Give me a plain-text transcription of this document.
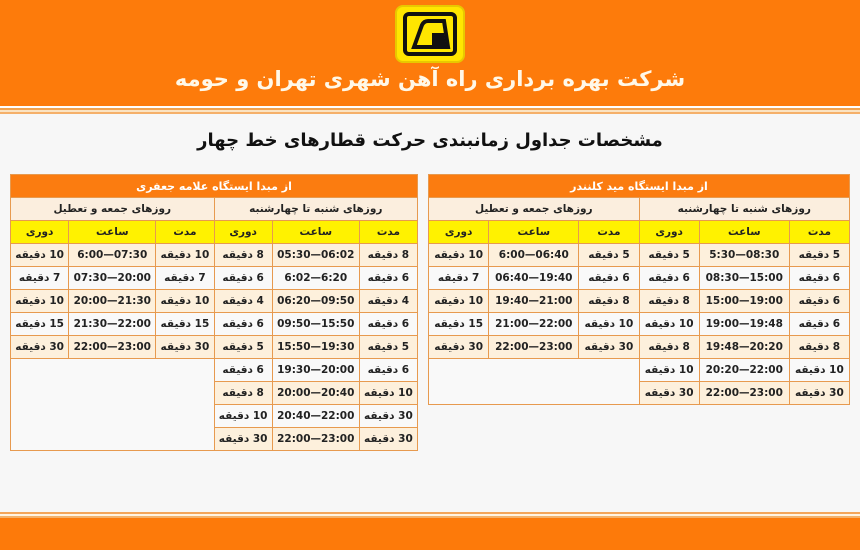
شرکت بهره برداری راه آهن شهری تهران و حومه
مشخصات جداول زمانبندی حرکت قطارهای خط چهار
از مبدا ایستگاه مید کلنندر					
روزهای شنبه تا چهارشنبه			روزهای جمعه و تعطیل		
مدت	ساعت	دوری	مدت	ساعت	دوری
5 دقیقه	5:30—08:30	5 دقیقه	5 دقیقه	6:00—06:40	10 دقیقه
6 دقیقه	08:30—15:00	6 دقیقه	6 دقیقه	06:40—19:40	7 دقیقه
6 دقیقه	15:00—19:00	8 دقیقه	8 دقیقه	19:40—21:00	10 دقیقه
6 دقیقه	19:00—19:48	10 دقیقه	10 دقیقه	21:00—22:00	15 دقیقه
8 دقیقه	19:48—20:20	8 دقیقه	30 دقیقه	22:00—23:00	30 دقیقه
10 دقیقه	20:20—22:00	10 دقیقه			
30 دقیقه	22:00—23:00	30 دقیقه			
از مبدا ایستگاه علامه جعفری					
روزهای شنبه تا چهارشنبه			روزهای جمعه و تعطیل		
مدت	ساعت	دوری	مدت	ساعت	دوری
8 دقیقه	05:30—06:02	8 دقیقه	10 دقیقه	6:00—07:30	10 دقیقه
6 دقیقه	6:02—6:20	6 دقیقه	7 دقیقه	07:30—20:00	7 دقیقه
4 دقیقه	06:20—09:50	4 دقیقه	10 دقیقه	20:00—21:30	10 دقیقه
6 دقیقه	09:50—15:50	6 دقیقه	15 دقیقه	21:30—22:00	15 دقیقه
5 دقیقه	15:50—19:30	5 دقیقه	30 دقیقه	22:00—23:00	30 دقیقه
6 دقیقه	19:30—20:00	6 دقیقه			
10 دقیقه	20:00—20:40	8 دقیقه			
30 دقیقه	20:40—22:00	10 دقیقه			
30 دقیقه	22:00—23:00	30 دقیقه			
